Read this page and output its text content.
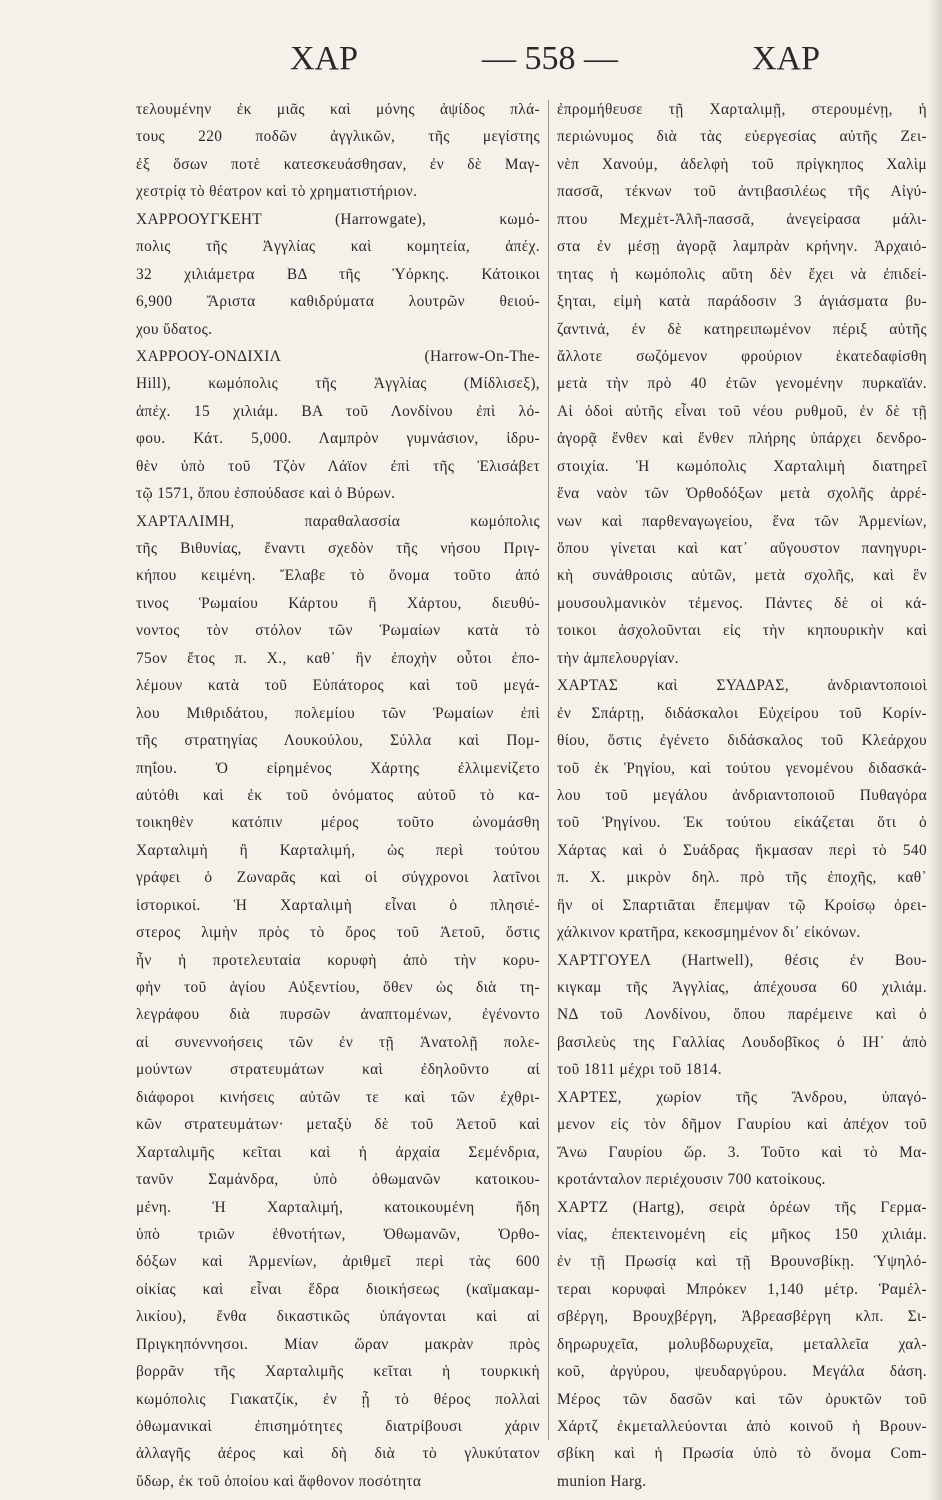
ΧΑΡ	— 558 —	ΧΑΡ
τελουμένην ἐκ μιᾶς καὶ μόνης ἀψίδος πλά-
τους 220 ποδῶν ἀγγλικῶν, τῆς μεγίστης
ἐξ ὅσων ποτὲ κατεσκευάσθησαν, ἐν δὲ Μαγ-
χεστρίᾳ τὸ θέατρον καὶ τὸ χρηματιστήριον.
ΧΑΡΡΟΟΥΓΚΕΗΤ (Harrowgate), κωμό-
πολις τῆς Ἀγγλίας καὶ κομητεία, ἀπέχ.
32 χιλιάμετρα ΒΔ τῆς Ὑόρκης. Κάτοικοι
6,900 Ἄριστα καθιδρύματα λουτρῶν θειού-
χου ὕδατος.
ΧΑΡΡΟΟΥ-ΟΝΔΙΧΙΛ (Harrow-On-The-
Hill), κωμόπολις τῆς Ἀγγλίας (Μίδλισεξ),
ἀπέχ. 15 χιλιάμ. ΒΑ τοῦ Λονδίνου ἐπὶ λό-
φου. Κάτ. 5,000. Λαμπρὸν γυμνάσιον, ἱδρυ-
θὲν ὑπὸ τοῦ Τζὸν Λάϊον ἐπὶ τῆς Ἐλισάβετ
τῷ 1571, ὅπου ἐσπούδασε καὶ ὁ Βύρων.
ΧΑΡΤΑΛΙΜΗ, παραθαλασσία κωμόπολις
τῆς Βιθυνίας, ἔναντι σχεδὸν τῆς νήσου Πριγ-
κήπου κειμένη. Ἔλαβε τὸ ὄνομα τοῦτο ἀπό
τινος Ῥωμαίου Κάρτου ἢ Χάρτου, διευθύ-
νοντος τὸν στόλον τῶν Ῥωμαίων κατὰ τὸ
75ον ἔτος π. Χ., καθ᾽ ἣν ἐποχὴν οὗτοι ἐπο-
λέμουν κατὰ τοῦ Εὐπάτορος καὶ τοῦ μεγά-
λου Μιθριδάτου, πολεμίου τῶν Ῥωμαίων ἐπὶ
τῆς στρατηγίας Λουκούλου, Σύλλα καὶ Πομ-
πηΐου. Ὁ εἰρημένος Χάρτης ἐλλιμενίζετο
αὐτόθι καὶ ἐκ τοῦ ὀνόματος αὐτοῦ τὸ κα-
τοικηθὲν κατόπιν μέρος τοῦτο ὠνομάσθη
Χαρταλιμὴ ἢ Καρταλιμή, ὡς περὶ τούτου
γράφει ὁ Ζωναρᾶς καὶ οἱ σύγχρονοι λατῖνοι
ἱστορικοί. Ἡ Χαρταλιμὴ εἶναι ὁ πλησιέ-
στερος λιμὴν πρὸς τὸ ὄρος τοῦ Ἀετοῦ, ὅστις
ἦν ἡ προτελευταία κορυφὴ ἀπὸ τὴν κορυ-
φὴν τοῦ ἁγίου Αὐξεντίου, ὅθεν ὡς διὰ τη-
λεγράφου διὰ πυρσῶν ἀναπτομένων, ἐγένοντο
αἱ συνεννοήσεις τῶν ἐν τῇ Ἀνατολῇ πολε-
μούντων στρατευμάτων καὶ ἐδηλοῦντο αἱ
διάφοροι κινήσεις αὐτῶν τε καὶ τῶν ἐχθρι-
κῶν στρατευμάτων· μεταξὺ δὲ τοῦ Ἀετοῦ καὶ
Χαρταλιμῆς κεῖται καὶ ἡ ἀρχαία Σεμένδρια,
τανῦν Σαμάνδρα, ὑπὸ ὀθωμανῶν κατοικου-
μένη. Ἡ Χαρταλιμή, κατοικουμένη ἤδη
ὑπὸ τριῶν ἐθνοτήτων, Ὀθωμανῶν, Ὀρθο-
δόξων καὶ Ἀρμενίων, ἀριθμεῖ περὶ τὰς 600
οἰκίας καὶ εἶναι ἕδρα διοικήσεως (καϊμακαμ-
λικίου), ἔνθα δικαστικῶς ὑπάγονται καὶ αἱ
Πριγκηπόννησοι. Μίαν ὥραν μακρὰν πρὸς
βορρᾶν τῆς Χαρταλιμῆς κεῖται ἡ τουρκικὴ
κωμόπολις Γιακατζίκ, ἐν ᾗ τὸ θέρος πολλαὶ
ὀθωμανικαὶ ἐπισημότητες διατρίβουσι χάριν
ἀλλαγῆς ἀέρος καὶ δὴ διὰ τὸ γλυκύτατον
ὕδωρ, ἐκ τοῦ ὁποίου καὶ ἄφθονον ποσότητα
ἐπρομήθευσε τῇ Χαρταλιμῇ, στερουμένῃ, ἡ
περιώνυμος διὰ τὰς εὐεργεσίας αὐτῆς Ζει-
νὲπ Χανούμ, ἀδελφὴ τοῦ πρίγκηπος Χαλὶμ
πασσᾶ, τέκνων τοῦ ἀντιβασιλέως τῆς Αἰγύ-
πτου Μεχμὲτ-Ἀλῆ-πασσᾶ, ἀνεγείρασα μάλι-
στα ἐν μέσῃ ἀγορᾷ λαμπρὰν κρήνην. Ἀρχαιό-
τητας ἡ κωμόπολις αὕτη δὲν ἔχει νὰ ἐπιδεί-
ξηται, εἰμὴ κατὰ παράδοσιν 3 ἁγιάσματα βυ-
ζαντινά, ἐν δὲ κατηρειπωμένον πέριξ αὐτῆς
ἄλλοτε σωζόμενον φρούριον ἑκατεδαφίσθη
μετὰ τὴν πρὸ 40 ἐτῶν γενομένην πυρκαϊάν.
Αἱ ὁδοὶ αὐτῆς εἶναι τοῦ νέου ρυθμοῦ, ἐν δὲ τῇ
ἀγορᾷ ἔνθεν καὶ ἔνθεν πλήρης ὑπάρχει δενδρο-
στοιχία. Ἡ κωμόπολις Χαρταλιμὴ διατηρεῖ
ἕνα ναὸν τῶν Ὀρθοδόξων μετὰ σχολῆς ἀρρέ-
νων καὶ παρθεναγωγείου, ἕνα τῶν Ἀρμενίων,
ὅπου γίνεται καὶ κατ᾽ αὔγουστον πανηγυρι-
κὴ συνάθροισις αὐτῶν, μετὰ σχολῆς, καὶ ἓν
μουσουλμανικὸν τέμενος. Πάντες δὲ οἱ κά-
τοικοι ἀσχολοῦνται εἰς τὴν κηπουρικὴν καὶ
τὴν ἀμπελουργίαν.
ΧΑΡΤΑΣ καὶ ΣΥΑΔΡΑΣ, ἀνδριαντοποιοὶ
ἐν Σπάρτῃ, διδάσκαλοι Εὐχείρου τοῦ Κορίν-
θίου, ὅστις ἐγένετο διδάσκαλος τοῦ Κλεάρχου
τοῦ ἐκ Ῥηγίου, καὶ τούτου γενομένου διδασκά-
λου τοῦ μεγάλου ἀνδριαντοποιοῦ Πυθαγόρα
τοῦ Ῥηγίνου. Ἐκ τούτου εἰκάζεται ὅτι ὁ
Χάρτας καὶ ὁ Συάδρας ἤκμασαν περὶ τὸ 540
π. Χ. μικρὸν δηλ. πρὸ τῆς ἐποχῆς, καθ᾽
ἣν οἱ Σπαρτιᾶται ἔπεμψαν τῷ Κροίσῳ ὀρει-
χάλκινον κρατῆρα, κεκοσμημένον δι᾽ εἰκόνων.
ΧΑΡΤΓΟΥΕΛ (Hartwell), θέσις ἐν Βου-
κιγκαμ τῆς Ἀγγλίας, ἀπέχουσα 60 χιλιάμ.
ΝΔ τοῦ Λονδίνου, ὅπου παρέμεινε καὶ ὁ
βασιλεὺς της Γαλλίας Λουδοβῖκος ὁ ΙΗ᾽ ἀπὸ
τοῦ 1811 μέχρι τοῦ 1814.
ΧΑΡΤΕΣ, χωρίον τῆς Ἄνδρου, ὑπαγό-
μενον εἰς τὸν δῆμον Γαυρίου καὶ ἀπέχον τοῦ
Ἄνω Γαυρίου ὥρ. 3. Τοῦτο καὶ τὸ Μα-
κροτάνταλον περιέχουσιν 700 κατοίκους.
ΧΑΡΤΖ (Hartg), σειρὰ ὀρέων τῆς Γερμα-
νίας, ἐπεκτεινομένη εἰς μῆκος 150 χιλιάμ.
ἐν τῇ Πρωσίᾳ καὶ τῇ Βρουνσβίκῃ. Ὑψηλό-
τεραι κορυφαὶ Μπρόκεν 1,140 μέτρ. Ῥαμέλ-
σβέργη, Βρουχβέργη, Ἀβρεασβέργη κλπ. Σι-
δηρωρυχεῖα, μολυβδωρυχεῖα, μεταλλεῖα χαλ-
κοῦ, ἀργύρου, ψευδαργύρου. Μεγάλα δάση.
Μέρος τῶν δασῶν καὶ τῶν ὀρυκτῶν τοῦ
Χάρτζ ἐκμεταλλεύονται ἀπὸ κοινοῦ ἡ Βρουν-
σβίκη καὶ ἡ Πρωσία ὑπὸ τὸ ὄνομα Com-
munion Harg.
